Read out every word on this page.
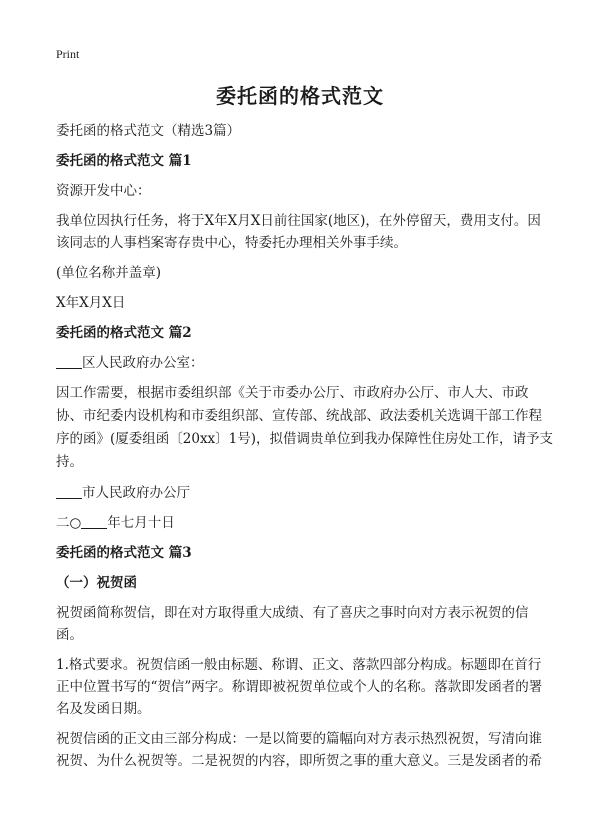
Print
委托函的格式范文

委托函的格式范文（精选3篇）

委托函的格式范文 篇1

资源开发中心：

我单位因执行任务，将于X年X月X日前往国家(地区)，在外停留天，费用支付。因该同志的人事档案寄存贵中心，特委托办理相关外事手续。

(单位名称并盖章)

X年X月X日

委托函的格式范文 篇2

区人民政府办公室：

因工作需要，根据市委组织部《关于市委办公厅、市政府办公厅、市人大、市政协、市纪委内设机构和市委组织部、宣传部、统战部、政法委机关选调干部工作程序的函》(厦委组函〔20xx〕1号)，拟借调贵单位到我办保障性住房处工作，请予支持。

市人民政府办公厅

二○ 年七月十日

委托函的格式范文 篇3

（一）祝贺函

祝贺函简称贺信，即在对方取得重大成绩、有了喜庆之事时向对方表示祝贺的信函。

1.格式要求。祝贺信函一般由标题、称谓、正文、落款四部分构成。标题即在首行正中位置书写的“贺信”两字。称谓即被祝贺单位或个人的名称。落款即发函者的署名及发函日期。

祝贺信函的正文由三部分构成：一是以简要的篇幅向对方表示热烈祝贺，写清向谁祝贺、为什么祝贺等。二是祝贺的内容，即所贺之事的重大意义。三是发函者的希
